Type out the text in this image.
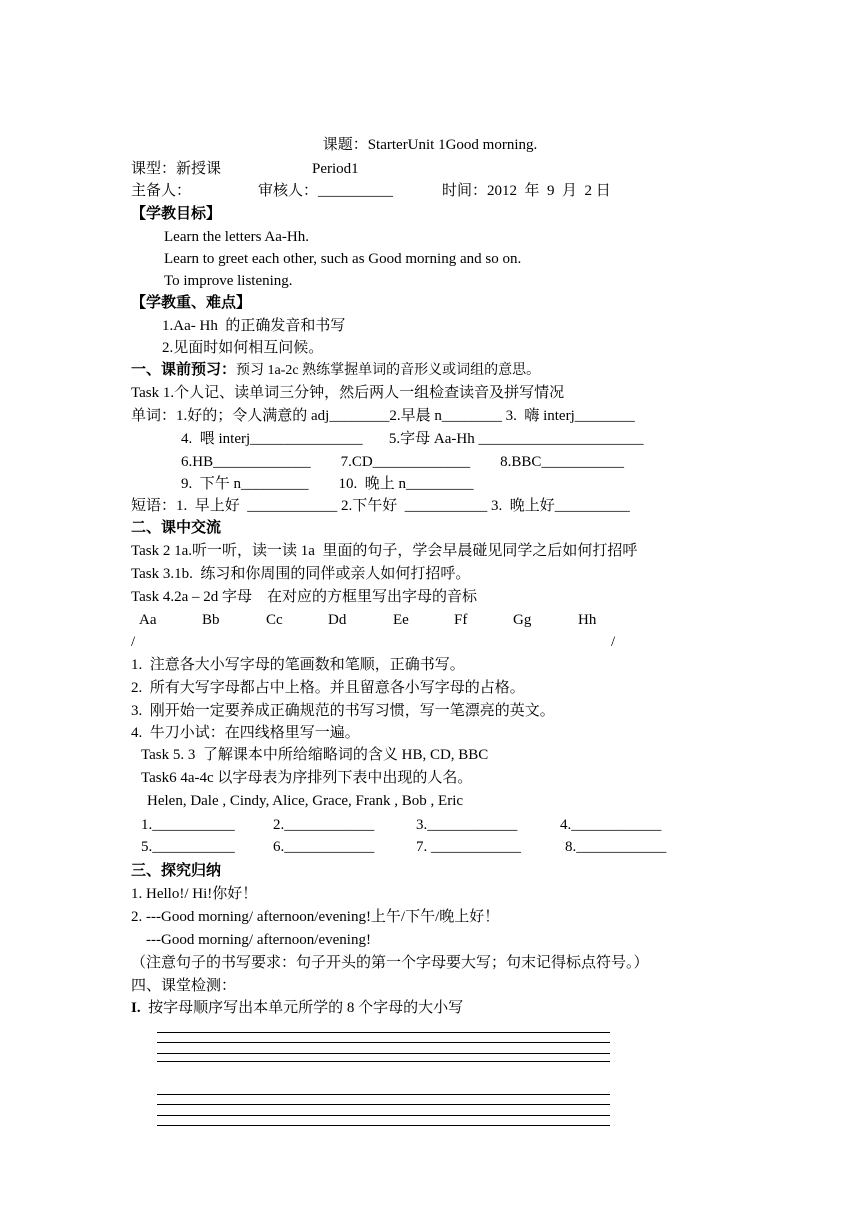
课题：StarterUnit 1Good morning.
课型：新授课	Period1
主备人：	审核人：__________	时间：2012  年  9  月  2 日
【学教目标】
Learn the letters Aa-Hh.
Learn to greet each other, such as Good morning and so on.
To improve listening.
【学教重、难点】
1.Aa- Hh  的正确发音和书写
2.见面时如何相互问候。
一、课前预习：预习 1a-2c 熟练掌握单词的音形义或词组的意思。
Task 1.个人记、读单词三分钟，然后两人一组检查读音及拼写情况
单词：1.好的；令人满意的 adj________2.早晨 n________ 3.  嗨 interj________
4.  喂 interj_______________       5.字母 Aa-Hh ______________________
6.HB_____________        7.CD_____________        8.BBC___________
9.  下午 n_________        10.  晚上 n_________
短语：1.  早上好  ____________ 2.下午好  ___________ 3.  晚上好__________
二、课中交流
Task 2 1a.听一听，读一读 1a  里面的句子，学会早晨碰见同学之后如何打招呼
Task 3.1b.  练习和你周围的同伴或亲人如何打招呼。
Task 4.2a – 2d 字母    在对应的方框里写出字母的音标
Aa	Bb	Cc	Dd	Ee	Ff	Gg	Hh
/	/
1.  注意各大小写字母的笔画数和笔顺，正确书写。
2.  所有大写字母都占中上格。并且留意各小写字母的占格。
3.  刚开始一定要养成正确规范的书写习惯，写一笔漂亮的英文。
4.  牛刀小试：在四线格里写一遍。
Task 5. 3  了解课本中所给缩略词的含义 HB, CD, BBC
Task6 4a-4c 以字母表为序排列下表中出现的人名。
Helen, Dale , Cindy, Alice, Grace, Frank , Bob , Eric
1.___________	2.____________	3.____________	4.____________
5.___________	6.____________	7. ____________	8.____________
三、探究归纳
1. Hello!/ Hi!你好！
2. ---Good morning/ afternoon/evening!上午/下午/晚上好！
---Good morning/ afternoon/evening!
（注意句子的书写要求：句子开头的第一个字母要大写；句末记得标点符号。）
四、课堂检测：
I.  按字母顺序写出本单元所学的 8 个字母的大小写
